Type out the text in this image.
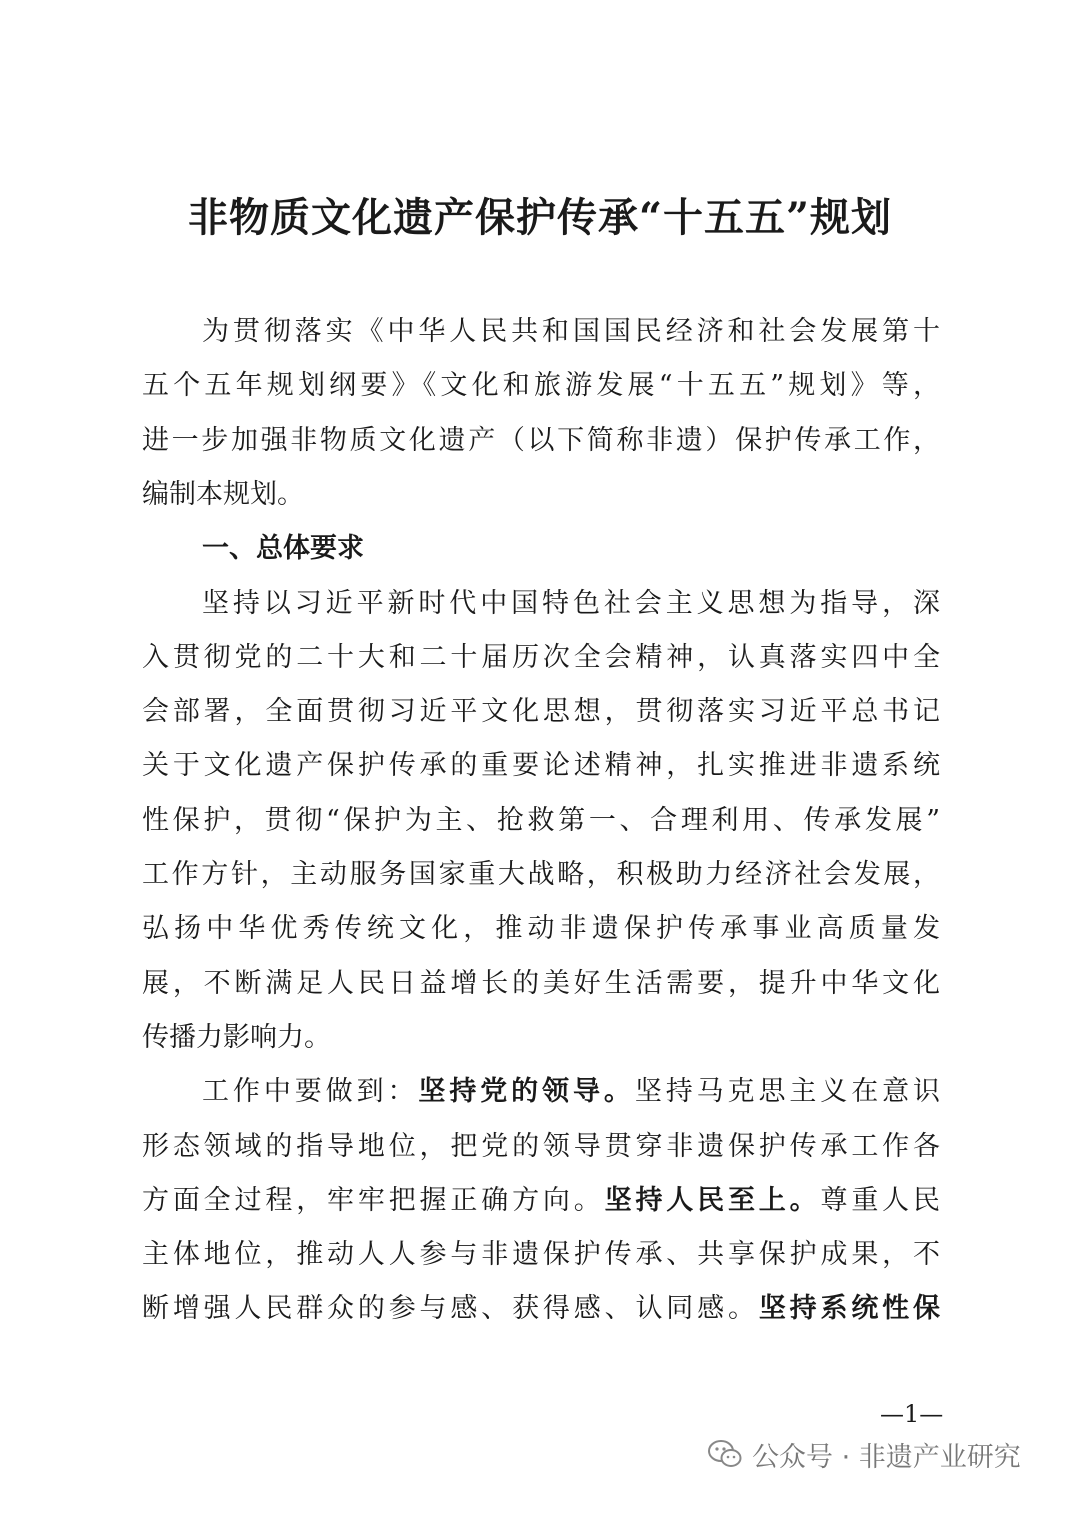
非物质文化遗产保护传承“十五五”规划
为贯彻落实《中华人民共和国国民经济和社会发展第十
五个五年规划纲要》《文化和旅游发展“十五五”规划》等，
进一步加强非物质文化遗产（以下简称非遗）保护传承工作，
编制本规划。
一、总体要求
坚持以习近平新时代中国特色社会主义思想为指导，深
入贯彻党的二十大和二十届历次全会精神，认真落实四中全
会部署，全面贯彻习近平文化思想，贯彻落实习近平总书记
关于文化遗产保护传承的重要论述精神，扎实推进非遗系统
性保护，贯彻“保护为主、抢救第一、合理利用、传承发展”
工作方针，主动服务国家重大战略，积极助力经济社会发展，
弘扬中华优秀传统文化，推动非遗保护传承事业高质量发
展，不断满足人民日益增长的美好生活需要，提升中华文化
传播力影响力。
工作中要做到：坚持党的领导。坚持马克思主义在意识
形态领域的指导地位，把党的领导贯穿非遗保护传承工作各
方面全过程，牢牢把握正确方向。坚持人民至上。尊重人民
主体地位，推动人人参与非遗保护传承、共享保护成果，不
断增强人民群众的参与感、获得感、认同感。坚持系统性保
—1—
公众号 · 非遗产业研究
